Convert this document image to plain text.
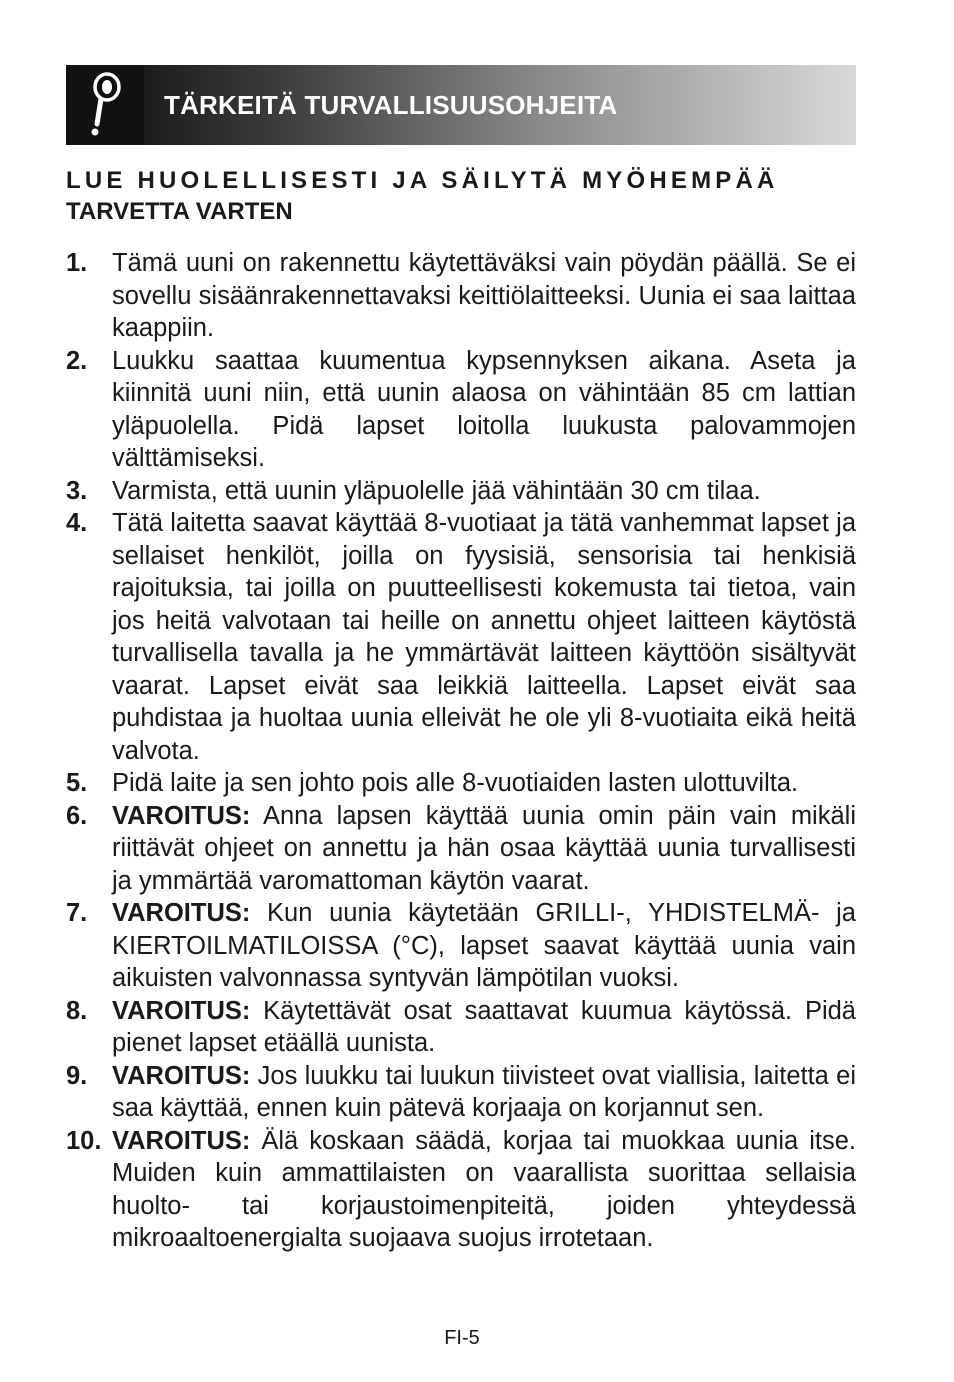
TÄRKEITÄ TURVALLISUUSOHJEITA
LUE HUOLELLISESTI JA SÄILYTÄ MYÖHEMPÄÄ
TARVETTA VARTEN
1. Tämä uuni on rakennettu käytettäväksi vain pöydän päällä. Se ei sovellu sisäänrakennettavaksi keittiölaitteeksi. Uunia ei saa laittaa kaappiin.
2. Luukku saattaa kuumentua kypsennyksen aikana. Aseta ja kiinnitä uuni niin, että uunin alaosa on vähintään 85 cm lattian yläpuolella. Pidä lapset loitolla luukusta palovammojen välttämiseksi.
3. Varmista, että uunin yläpuolelle jää vähintään 30 cm tilaa.
4. Tätä laitetta saavat käyttää 8-vuotiaat ja tätä vanhemmat lapset ja sellaiset henkilöt, joilla on fyysisiä, sensorisia tai henkisiä rajoituksia, tai joilla on puutteellisesti kokemusta tai tietoa, vain jos heitä valvotaan tai heille on annettu ohjeet laitteen käytöstä turvallisella tavalla ja he ymmärtävät laitteen käyttöön sisältyvät vaarat. Lapset eivät saa leikkiä laitteella. Lapset eivät saa puhdistaa ja huoltaa uunia elleivät he ole yli 8-vuotiaita eikä heitä valvota.
5. Pidä laite ja sen johto pois alle 8-vuotiaiden lasten ulottuvilta.
6. VAROITUS: Anna lapsen käyttää uunia omin päin vain mikäli riittävät ohjeet on annettu ja hän osaa käyttää uunia turvallisesti ja ymmärtää varomattoman käytön vaarat.
7. VAROITUS: Kun uunia käytetään GRILLI-, YHDISTELMÄ- ja KIERTOILMATILOISSA (°C), lapset saavat käyttää uunia vain aikuisten valvonnassa syntyvän lämpötilan vuoksi.
8. VAROITUS: Käytettävät osat saattavat kuumua käytössä. Pidä pienet lapset etäällä uunista.
9. VAROITUS: Jos luukku tai luukun tiivisteet ovat viallisia, laitetta ei saa käyttää, ennen kuin pätevä korjaaja on korjannut sen.
10. VAROITUS: Älä koskaan säädä, korjaa tai muokkaa uunia itse. Muiden kuin ammattilaisten on vaarallista suorittaa sellaisia huolto- tai korjaustoimenpiteitä, joiden yhteydessä mikroaaltoenergialta suojaava suojus irrotetaan.
FI-5
